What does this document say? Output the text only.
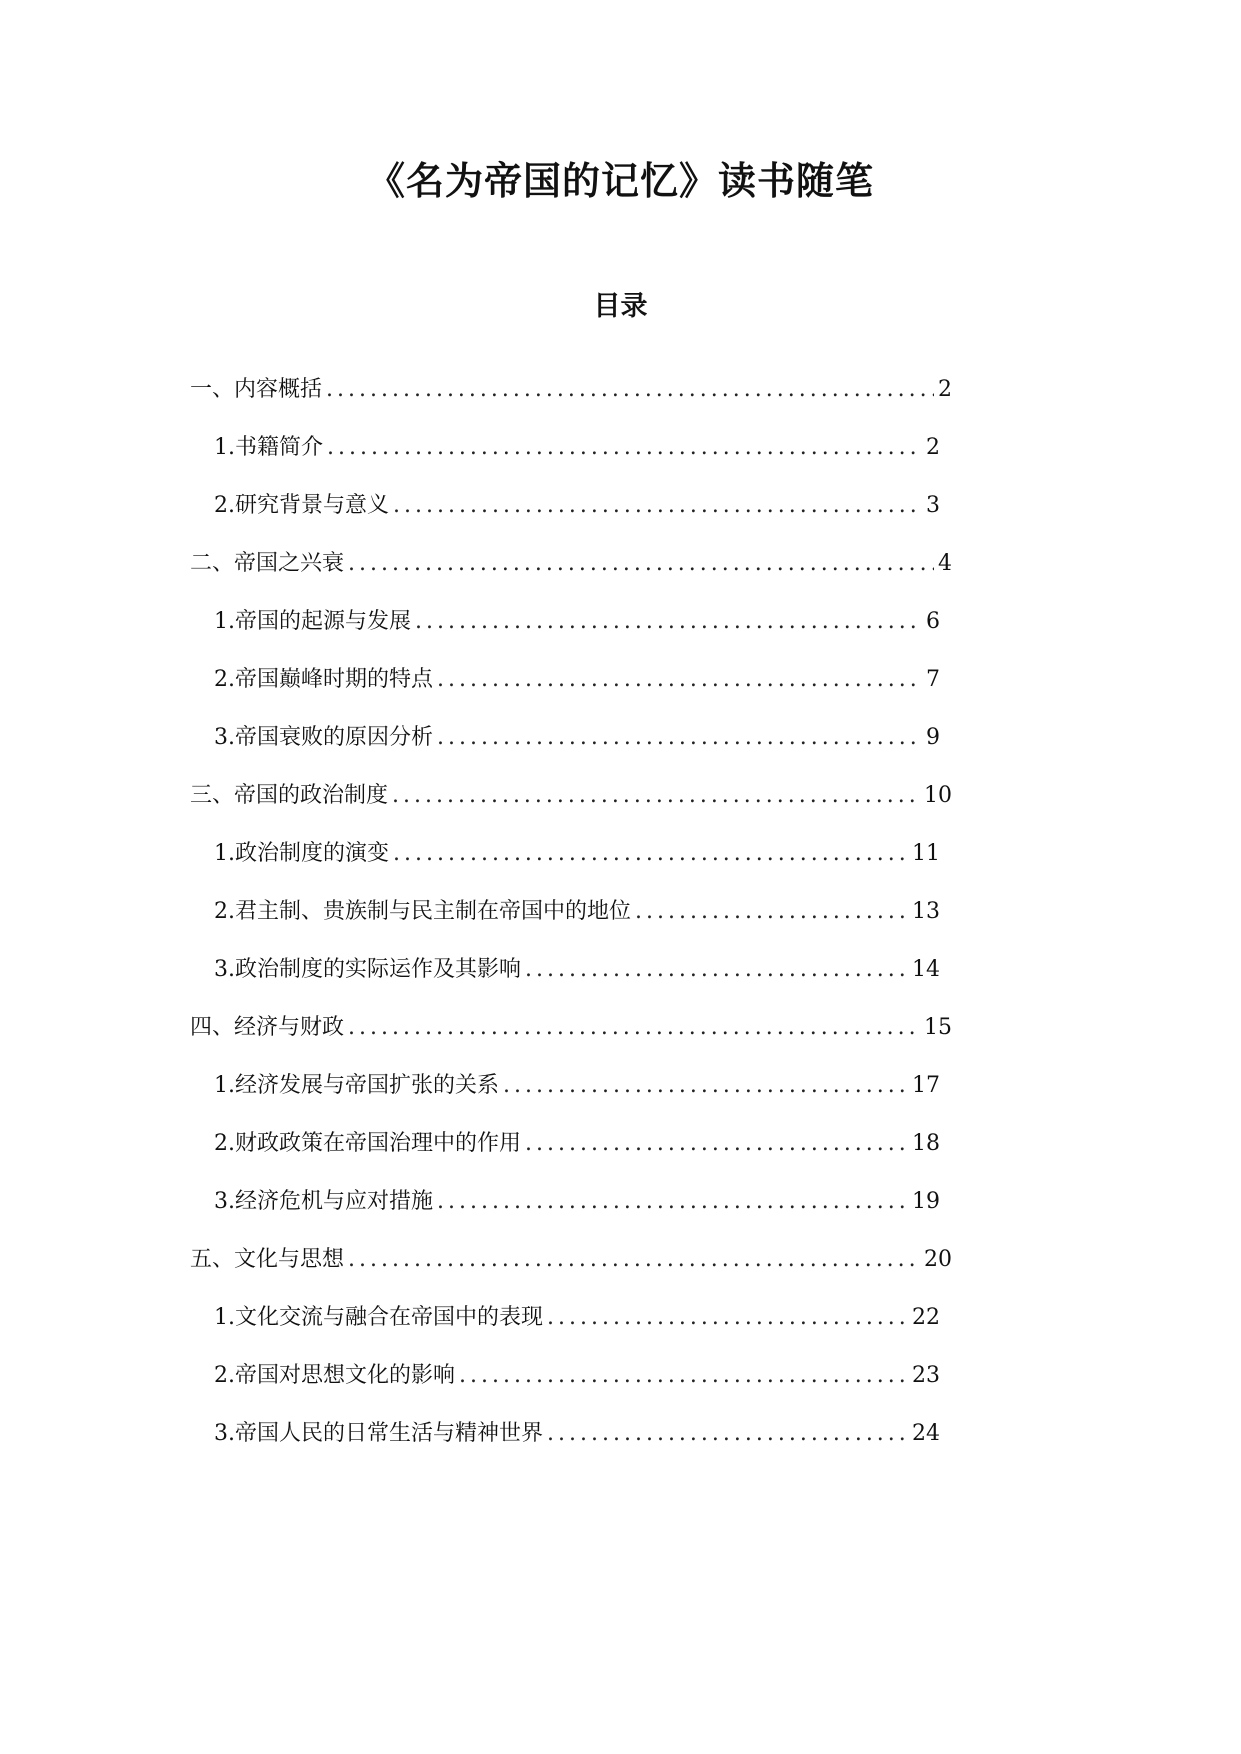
《名为帝国的记忆》读书随笔
目录
一、内容概括 .....	2
1. 书籍简介 .....	2
2. 研究背景与意义 .....	3
二、帝国之兴衰 .....	4
1. 帝国的起源与发展 .....	6
2. 帝国巅峰时期的特点 .....	7
3. 帝国衰败的原因分析 .....	9
三、帝国的政治制度 .....	10
1. 政治制度的演变 .....	11
2. 君主制、贵族制与民主制在帝国中的地位 .....	13
3. 政治制度的实际运作及其影响 .....	14
四、经济与财政 .....	15
1. 经济发展与帝国扩张的关系 .....	17
2. 财政政策在帝国治理中的作用 .....	18
3. 经济危机与应对措施 .....	19
五、文化与思想 .....	20
1. 文化交流与融合在帝国中的表现 .....	22
2. 帝国对思想文化的影响 .....	23
3. 帝国人民的日常生活与精神世界 .....	24
